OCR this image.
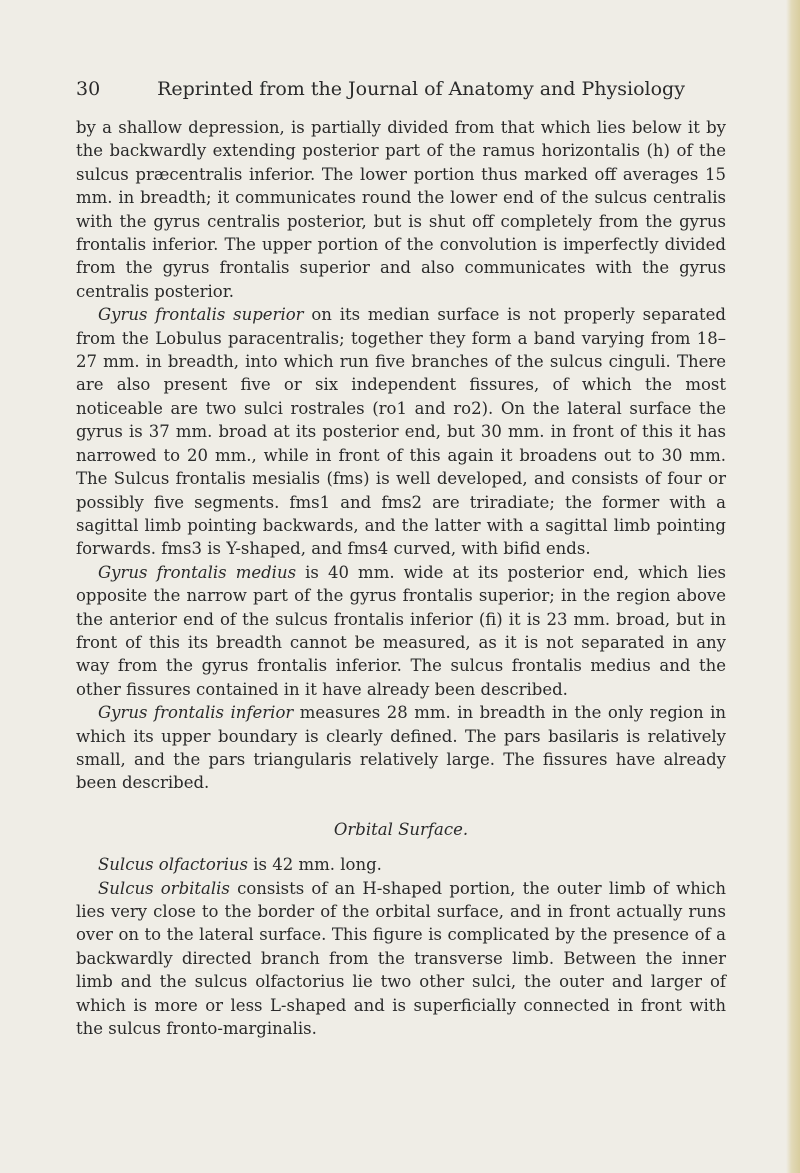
30	Reprinted from the Journal of Anatomy and Physiology

by a shallow depression, is partially divided from that which lies below it by the backwardly extending posterior part of the ramus horizontalis (h) of the sulcus præcentralis inferior. The lower portion thus marked off averages 15 mm. in breadth; it communicates round the lower end of the sulcus centralis with the gyrus centralis posterior, but is shut off completely from the gyrus frontalis inferior. The upper portion of the convolution is imperfectly divided from the gyrus frontalis superior and also communicates with the gyrus centralis posterior.

Gyrus frontalis superior on its median surface is not properly separated from the Lobulus paracentralis; together they form a band varying from 18–27 mm. in breadth, into which run five branches of the sulcus cinguli. There are also present five or six independent fissures, of which the most noticeable are two sulci rostrales (ro1 and ro2). On the lateral surface the gyrus is 37 mm. broad at its posterior end, but 30 mm. in front of this it has narrowed to 20 mm., while in front of this again it broadens out to 30 mm. The Sulcus frontalis mesialis (fms) is well developed, and consists of four or possibly five segments. fms1 and fms2 are triradiate; the former with a sagittal limb pointing backwards, and the latter with a sagittal limb pointing forwards. fms3 is Y-shaped, and fms4 curved, with bifid ends.

Gyrus frontalis medius is 40 mm. wide at its posterior end, which lies opposite the narrow part of the gyrus frontalis superior; in the region above the anterior end of the sulcus frontalis inferior (fi) it is 23 mm. broad, but in front of this its breadth cannot be measured, as it is not separated in any way from the gyrus frontalis inferior. The sulcus frontalis medius and the other fissures contained in it have already been described.

Gyrus frontalis inferior measures 28 mm. in breadth in the only region in which its upper boundary is clearly defined. The pars basilaris is relatively small, and the pars triangularis relatively large. The fissures have already been described.

Orbital Surface.

Sulcus olfactorius is 42 mm. long.

Sulcus orbitalis consists of an H-shaped portion, the outer limb of which lies very close to the border of the orbital surface, and in front actually runs over on to the lateral surface. This figure is complicated by the presence of a backwardly directed branch from the transverse limb. Between the inner limb and the sulcus olfactorius lie two other sulci, the outer and larger of which is more or less L-shaped and is superficially connected in front with the sulcus fronto-marginalis.
